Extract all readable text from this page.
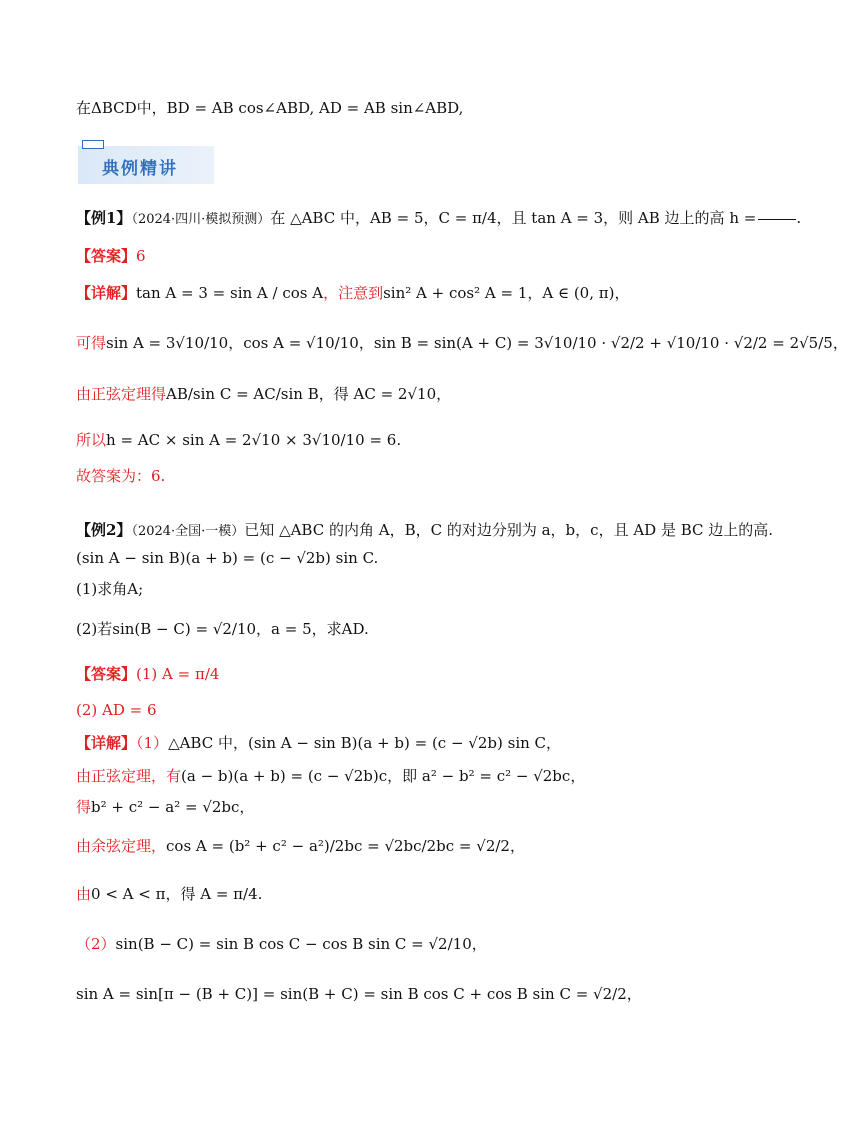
在ΔBCD中，BD = AB cos∠ABD, AD = AB sin∠ABD,
典例精讲
【例1】（2024·四川·模拟预测）在 △ABC 中，AB = 5，C = π/4，且 tan A = 3，则 AB 边上的高 h =	.
【答案】6
【详解】tan A = 3 = sin A / cos A，注意到sin² A + cos² A = 1，A ∈ (0, π)，
可得sin A = 3√10/10，cos A = √10/10，sin B = sin(A + C) = 3√10/10 · √2/2 + √10/10 · √2/2 = 2√5/5，
由正弦定理得AB/sin C = AC/sin B，得 AC = 2√10，
所以h = AC × sin A = 2√10 × 3√10/10 = 6.
故答案为：6.
【例2】（2024·全国·一模）已知 △ABC 的内角 A，B，C 的对边分别为 a，b，c，且 AD 是 BC 边上的高.
(sin A − sin B)(a + b) = (c − √2b) sin C.
(1)求角A;
(2)若sin(B − C) = √2/10，a = 5，求AD.
【答案】(1) A = π/4
(2) AD = 6
【详解】（1）△ABC 中，(sin A − sin B)(a + b) = (c − √2b) sin C，
由正弦定理，有(a − b)(a + b) = (c − √2b)c，即 a² − b² = c² − √2bc，
得b² + c² − a² = √2bc，
由余弦定理，cos A = (b² + c² − a²)/2bc = √2bc/2bc = √2/2，
由0 < A < π，得 A = π/4.
（2）sin(B − C) = sin B cos C − cos B sin C = √2/10，
sin A = sin[π − (B + C)] = sin(B + C) = sin B cos C + cos B sin C = √2/2，
